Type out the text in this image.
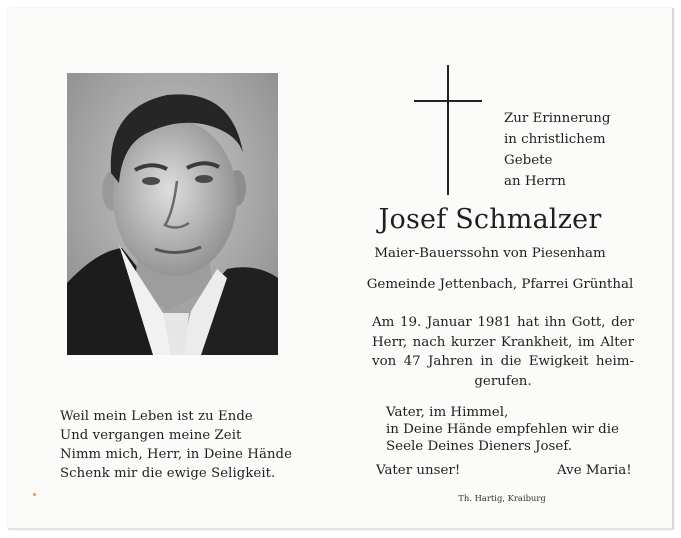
Weil mein Leben ist zu Ende
Und vergangen meine Zeit
Nimm mich, Herr, in Deine Hände
Schenk mir die ewige Seligkeit.
Zur Erinnerung
in christlichem
Gebete
an Herrn
Josef Schmalzer
Maier-Bauerssohn von Piesenham
Gemeinde Jettenbach, Pfarrei Grünthal
Am 19. Januar 1981 hat ihn Gott, der
Herr, nach kurzer Krankheit, im Alter
von 47 Jahren in die Ewigkeit heim-
gerufen.
Vater, im Himmel,
in Deine Hände empfehlen wir die
Seele Deines Dieners Josef.
Vater unser!	Ave Maria!
Th. Hartig, Kraiburg
